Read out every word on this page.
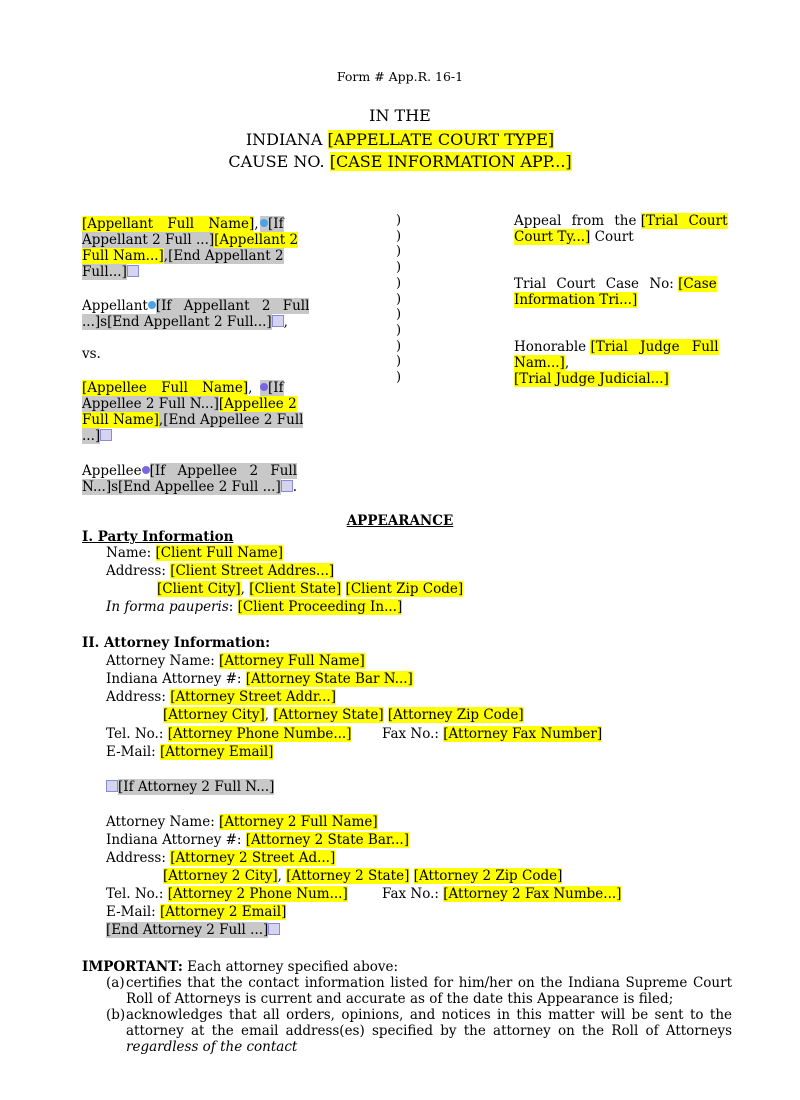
Form # App.R. 16-1
IN THE
INDIANA [APPELLATE COURT TYPE]
CAUSE NO. [CASE INFORMATION APP...]
[Appellant Full Name], [If
Appellant 2 Full ...][Appellant 2
Full Nam...],[End Appellant 2
Full...]
Appellant [If Appellant 2 Full
...]s[End Appellant 2 Full...] ,
vs.
[Appellee Full Name],	[If
Appellee 2 Full N...][Appellee 2
Full Name],[End Appellee 2 Full
...]
Appellee [If Appellee 2 Full
N...]s[End Appellee 2 Full ...] .
)
)
)
)
)
)
)
)
)
)
)
Appeal from the [Trial Court
Court Ty...] Court
Trial Court Case No: [Case
Information Tri...]
Honorable [Trial Judge Full
Nam...],
[Trial Judge Judicial...]
APPEARANCE
I. Party Information
Name: [Client Full Name]
Address: [Client Street Addres...]
[Client City], [Client State] [Client Zip Code]
In forma pauperis: [Client Proceeding In...]
II. Attorney Information:
Attorney Name: [Attorney Full Name]
Indiana Attorney #: [Attorney State Bar N...]
Address: [Attorney Street Addr...]
[Attorney City], [Attorney State] [Attorney Zip Code]
Tel. No.: [Attorney Phone Numbe...] Fax No.: [Attorney Fax Number]
E-Mail: [Attorney Email]
[If Attorney 2 Full N...]
Attorney Name: [Attorney 2 Full Name]
Indiana Attorney #: [Attorney 2 State Bar...]
Address: [Attorney 2 Street Ad...]
[Attorney 2 City], [Attorney 2 State] [Attorney 2 Zip Code]
Tel. No.: [Attorney 2 Phone Num...]	Fax No.: [Attorney 2 Fax Numbe...]
E-Mail: [Attorney 2 Email]
[End Attorney 2 Full ...]
IMPORTANT: Each attorney specified above:
(a) certifies that the contact information listed for him/her on the Indiana Supreme Court Roll of Attorneys is current and accurate as of the date this Appearance is filed;
(b) acknowledges that all orders, opinions, and notices in this matter will be sent to the attorney at the email address(es) specified by the attorney on the Roll of Attorneys regardless of the contact
